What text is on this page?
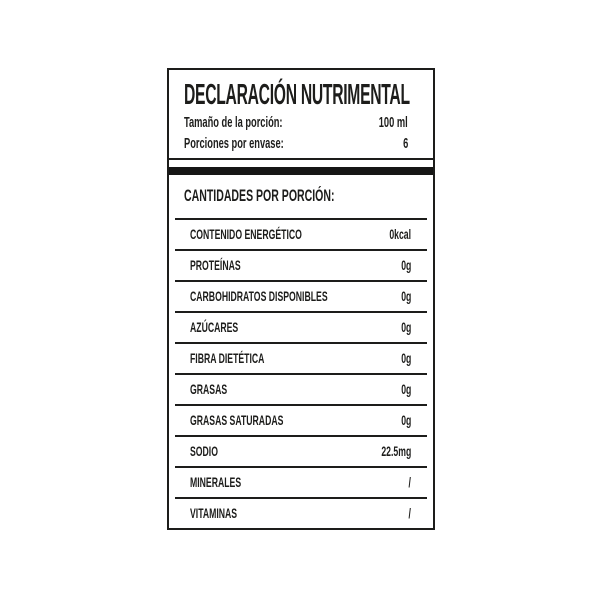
DECLARACIÓN NUTRIMENTAL
Tamaño de la porción:	100 ml
Porciones por envase:	6
CANTIDADES POR PORCIÓN:
CONTENIDO ENERGÉTICO	0kcal
PROTEÍNAS	0g
CARBOHIDRATOS DISPONIBLES	0g
AZÚCARES	0g
FIBRA DIETÉTICA	0g
GRASAS	0g
GRASAS SATURADAS	0g
SODIO	22.5mg
MINERALES	/
VITAMINAS	/
